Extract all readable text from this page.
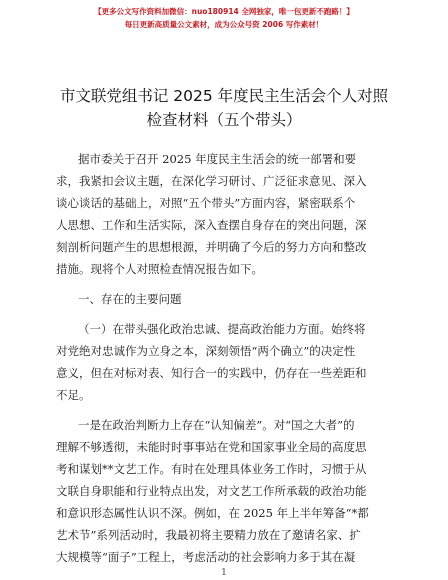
【更多公文写作资料加微信：nuo180914 全网独家，唯一包更新不跑路！】
每日更新高质量公文素材，成为公众号资 2006 写作素材！
市文联党组书记 2025 年度民主生活会个人对照
检查材料（五个带头）
据市委关于召开 2025 年度民主生活会的统一部署和要
求，我紧扣会议主题，在深化学习研讨、广泛征求意见、深入
谈心谈话的基础上，对照“五个带头”方面内容，紧密联系个
人思想、工作和生活实际，深入查摆自身存在的突出问题，深
刻剖析问题产生的思想根源，并明确了今后的努力方向和整改
措施。现将个人对照检查情况报告如下。
一、存在的主要问题
（一）在带头强化政治忠诚、提高政治能力方面。始终将
对党绝对忠诚作为立身之本，深刻领悟“两个确立”的决定性
意义，但在对标对表、知行合一的实践中，仍存在一些差距和
不足。
一是在政治判断力上存在“认知偏差”。对“国之大者”的
理解不够透彻，未能时时事事站在党和国家事业全局的高度思
考和谋划**文艺工作。有时在处理具体业务工作时，习惯于从
文联自身职能和行业特点出发，对文艺工作所承载的政治功能
和意识形态属性认识不深。例如，在 2025 年上半年筹备“*都
艺术节”系列活动时，我最初将主要精力放在了邀请名家、扩
大规模等“面子”工程上，考虑活动的社会影响力多于其在凝
1
